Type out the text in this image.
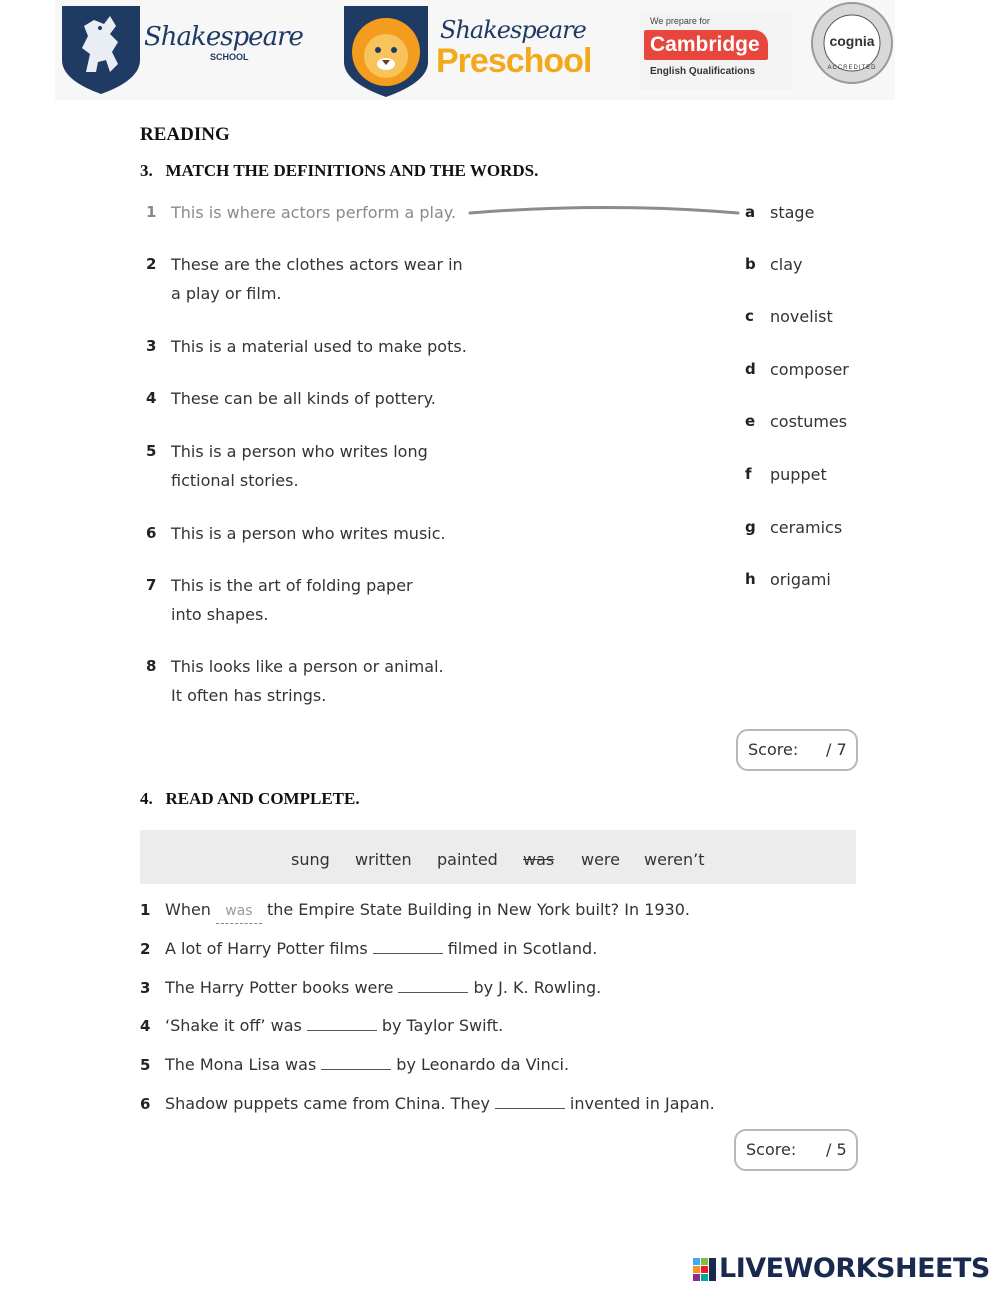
Shakespeare
SCHOOL
Shakespeare
Preschool
We prepare for
Cambridge
English Qualifications
cognia
ACCREDITED
READING
3.   MATCH THE DEFINITIONS AND THE WORDS.
1 This is where actors perform a play.
2 These are the clothes actors wear in
a play or film.
3 This is a material used to make pots.
4 These can be all kinds of pottery.
5 This is a person who writes long
fictional stories.
6 This is a person who writes music.
7 This is the art of folding paper
into shapes.
8 This looks like a person or animal.
It often has strings.
a stage
b clay
c novelist
d composer
e costumes
f puppet
g ceramics
h origami
Score: / 7
4.   READ AND COMPLETE.
sung written painted was were weren’t
1 When was the Empire State Building in New York built? In 1930.
2 A lot of Harry Potter films	filmed in Scotland.
3 The Harry Potter books were	by J. K. Rowling.
4 ‘Shake it off’ was	by Taylor Swift.
5 The Mona Lisa was	by Leonardo da Vinci.
6 Shadow puppets came from China. They	invented in Japan.
Score: / 5
LIVEWORKSHEETS
